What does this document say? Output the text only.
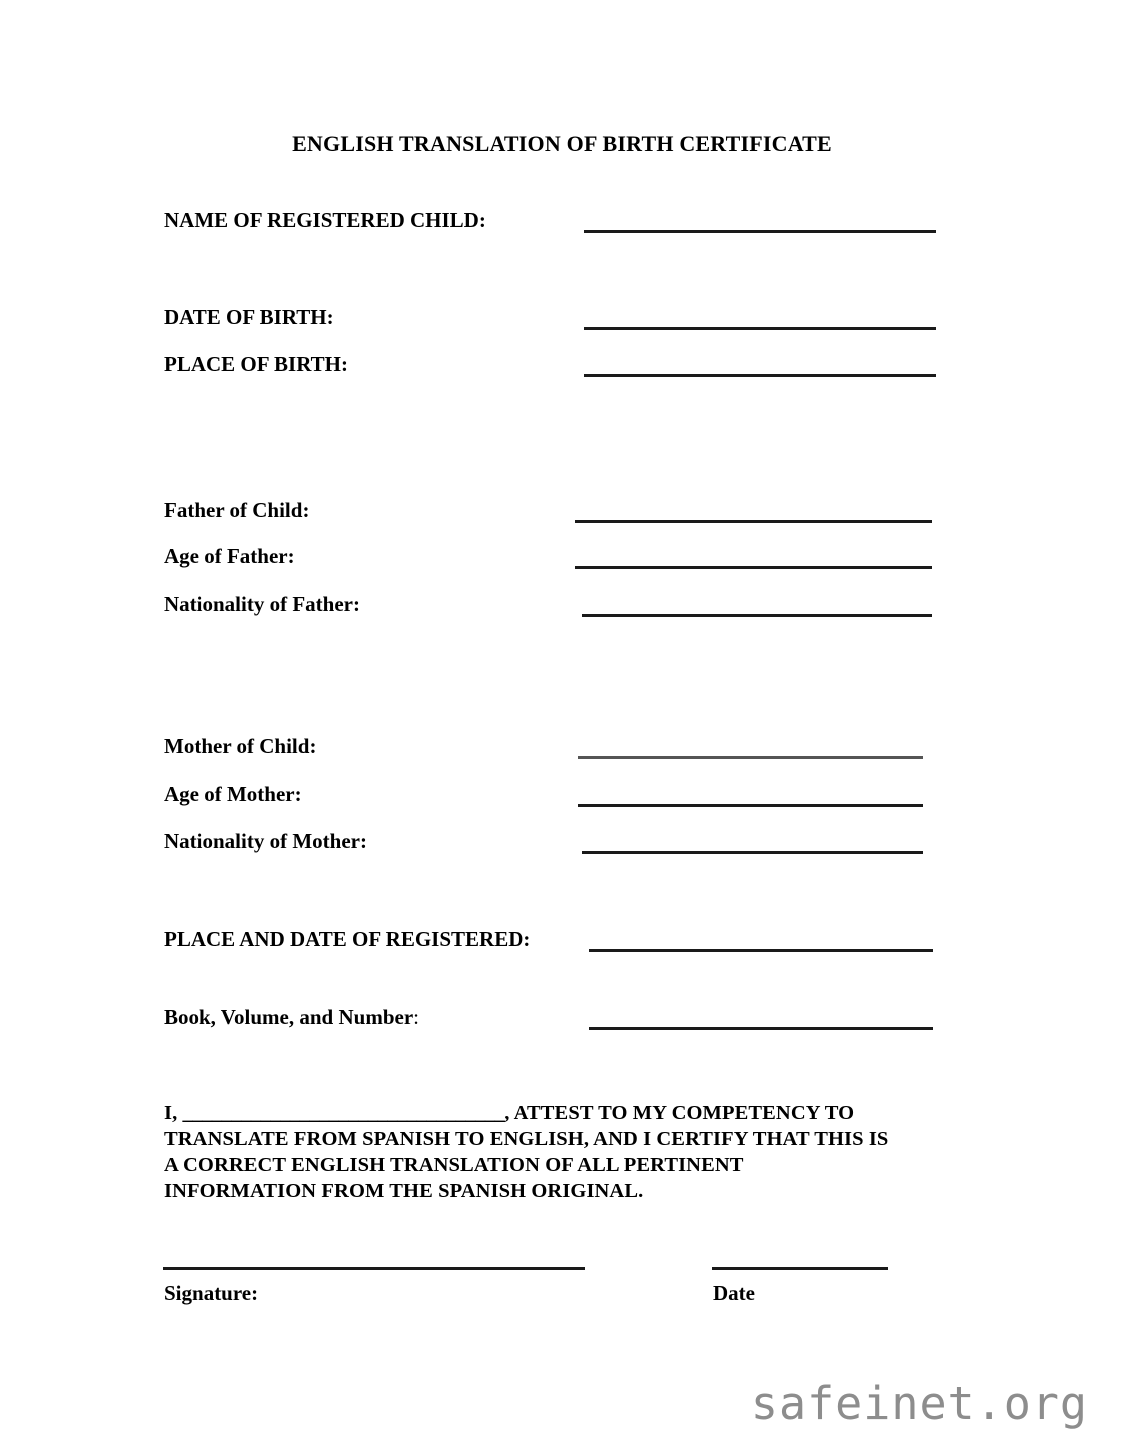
ENGLISH TRANSLATION OF BIRTH CERTIFICATE
NAME OF REGISTERED CHILD:
DATE OF BIRTH:
PLACE OF BIRTH:
Father of Child:
Age of Father:
Nationality of Father:
Mother of Child:
Age of Mother:
Nationality of Mother:
PLACE AND DATE OF REGISTERED:
Book, Volume, and Number:
I, _________________________________, ATTEST TO MY COMPETENCY TO
TRANSLATE FROM SPANISH TO ENGLISH, AND I CERTIFY THAT THIS IS
A CORRECT ENGLISH TRANSLATION OF ALL PERTINENT
INFORMATION FROM THE SPANISH ORIGINAL.
Signature:	Date
safeinet.org
